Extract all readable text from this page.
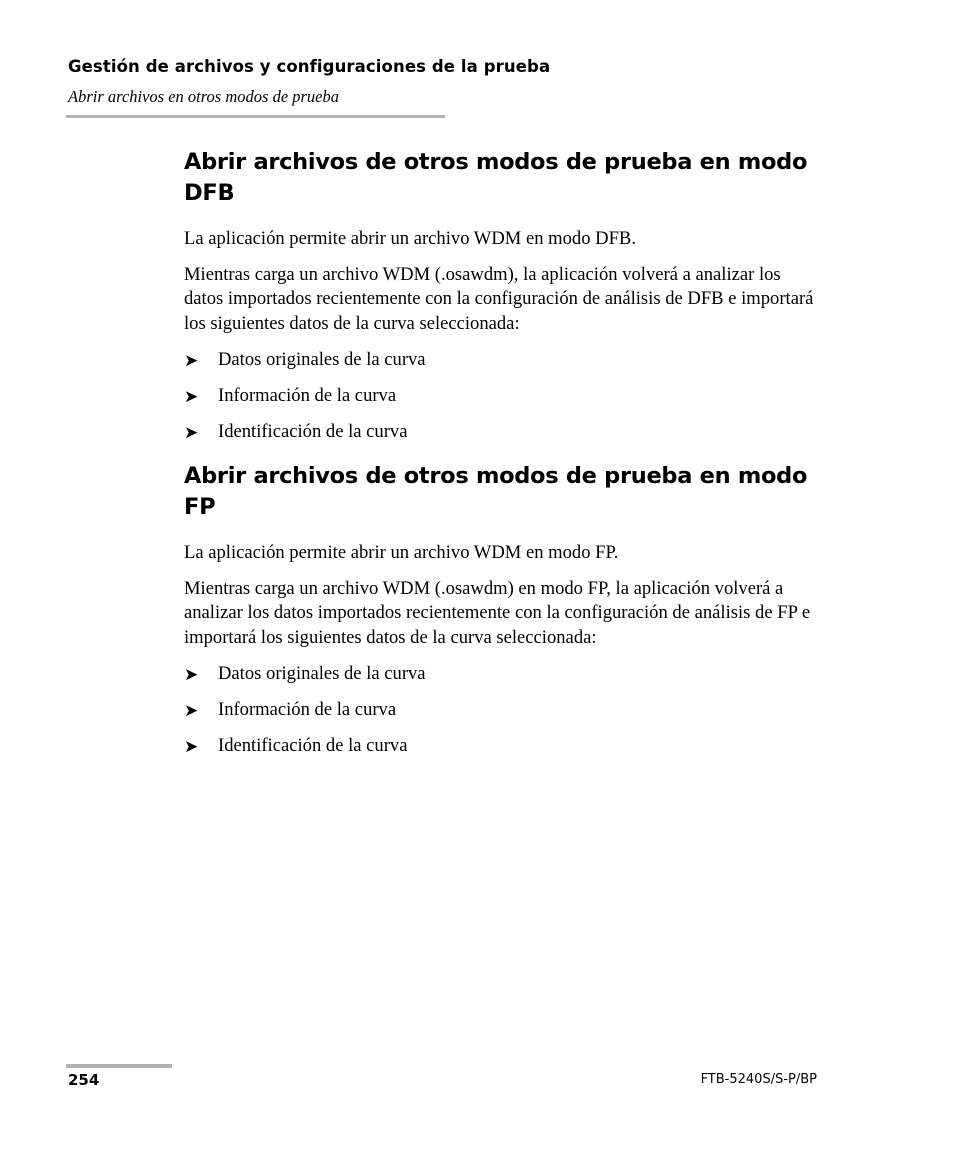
Gestión de archivos y configuraciones de la prueba
Abrir archivos en otros modos de prueba
Abrir archivos de otros modos de prueba en modo DFB

La aplicación permite abrir un archivo WDM en modo DFB.

Mientras carga un archivo WDM (.osawdm), la aplicación volverá a analizar los datos importados recientemente con la configuración de análisis de DFB e importará los siguientes datos de la curva seleccionada:

➤ Datos originales de la curva
➤ Información de la curva
➤ Identificación de la curva
Abrir archivos de otros modos de prueba en modo FP

La aplicación permite abrir un archivo WDM en modo FP.

Mientras carga un archivo WDM (.osawdm) en modo FP, la aplicación volverá a analizar los datos importados recientemente con la configuración de análisis de FP e importará los siguientes datos de la curva seleccionada:

➤ Datos originales de la curva
➤ Información de la curva
➤ Identificación de la curva
254	FTB-5240S/S-P/BP
